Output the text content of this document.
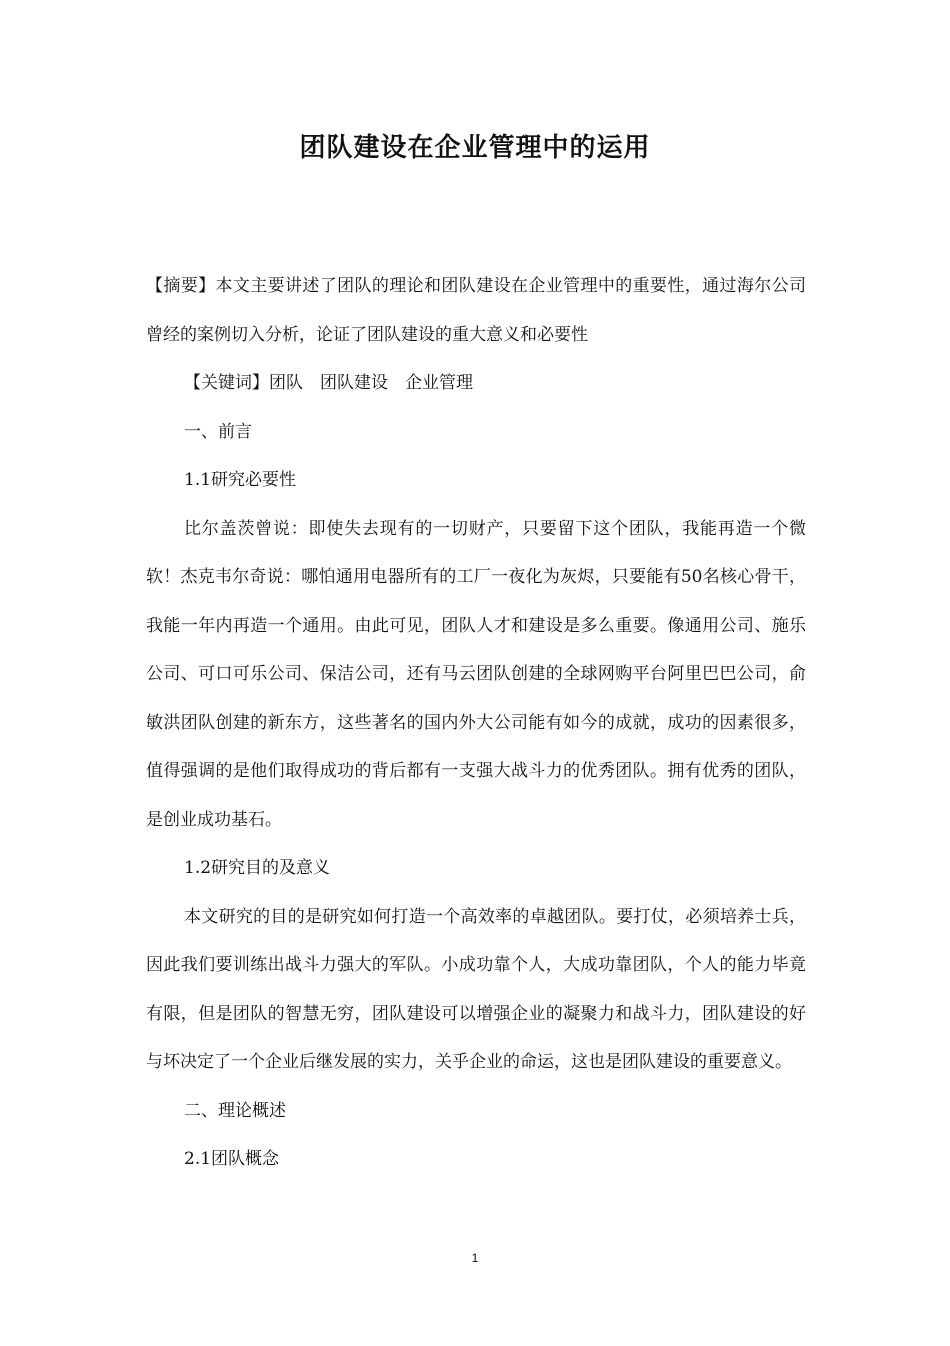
团队建设在企业管理中的运用

【摘要】本文主要讲述了团队的理论和团队建设在企业管理中的重要性，通过海尔公司曾经的案例切入分析，论证了团队建设的重大意义和必要性

【关键词】团队　团队建设　企业管理

一、前言

1.1研究必要性

比尔盖茨曾说：即使失去现有的一切财产，只要留下这个团队，我能再造一个微软！杰克韦尔奇说：哪怕通用电器所有的工厂一夜化为灰烬，只要能有50名核心骨干，我能一年内再造一个通用。由此可见，团队人才和建设是多么重要。像通用公司、施乐公司、可口可乐公司、保洁公司，还有马云团队创建的全球网购平台阿里巴巴公司，俞敏洪团队创建的新东方，这些著名的国内外大公司能有如今的成就，成功的因素很多，值得强调的是他们取得成功的背后都有一支强大战斗力的优秀团队。拥有优秀的团队，是创业成功基石。

1.2研究目的及意义

本文研究的目的是研究如何打造一个高效率的卓越团队。要打仗，必须培养士兵，因此我们要训练出战斗力强大的军队。小成功靠个人，大成功靠团队，个人的能力毕竟有限，但是团队的智慧无穷，团队建设可以增强企业的凝聚力和战斗力，团队建设的好与坏决定了一个企业后继发展的实力，关乎企业的命运，这也是团队建设的重要意义。

二、理论概述

2.1团队概念

1
